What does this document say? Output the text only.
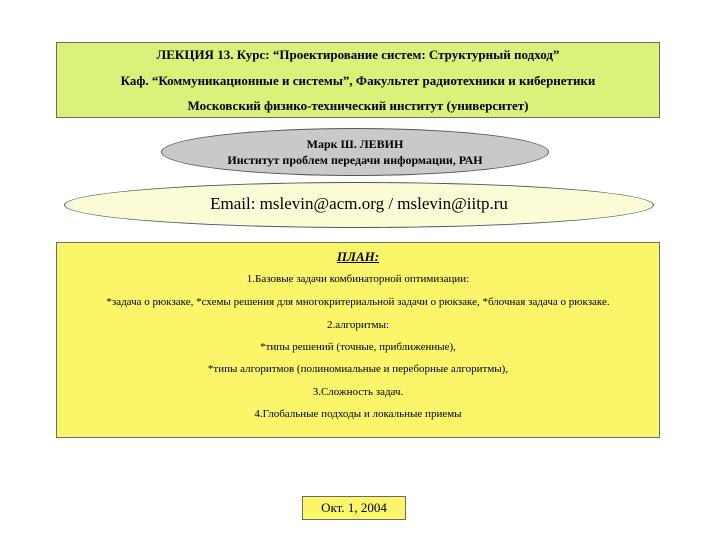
ЛЕКЦИЯ 13. Курс: “Проектирование систем: Структурный подход”
Каф. “Коммуникационные и системы”, Факультет радиотехники и кибернетики
Московский физико-технический институт (университет)
Марк Ш. ЛЕВИН
Институт проблем передачи информации, РАН
Email: mslevin@acm.org / mslevin@iitp.ru
ПЛАН:
1.Базовые задачи комбинаторной оптимизации:
*задача о рюкзаке, *схемы решения для многокритериальной задачи о рюкзаке, *блочная задача о рюкзаке.
2.алгоритмы:
*типы решений (точные, приближенные),
*типы алгоритмов (полиномиальные и переборные алгоритмы),
3.Сложность задач.
4.Глобальные подходы и локальные приемы
Окт. 1, 2004
